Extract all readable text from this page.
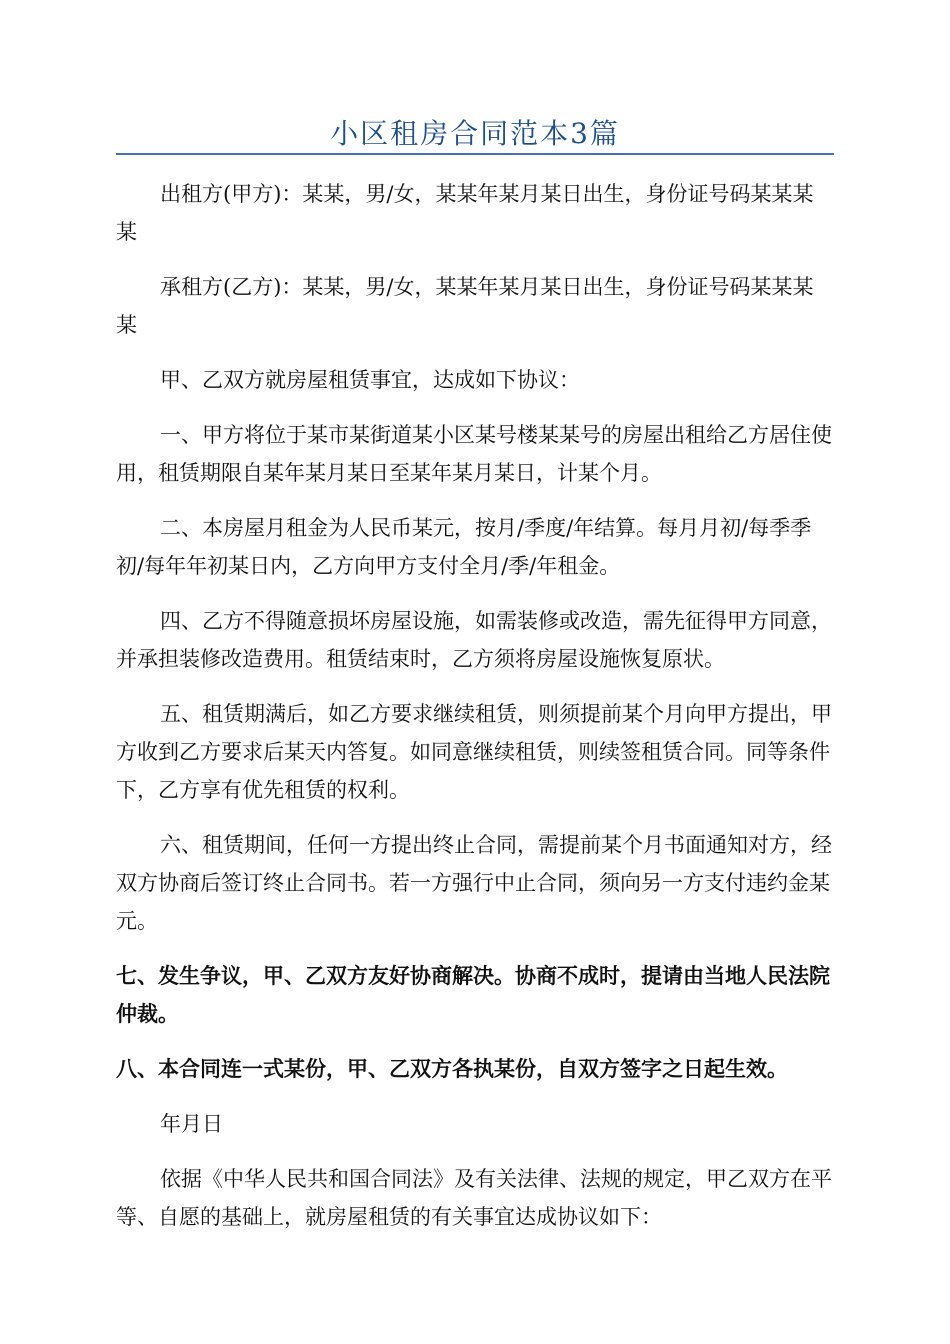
小区租房合同范本3篇

出租方(甲方)：某某，男/女，某某年某月某日出生，身份证号码某某某某

承租方(乙方)：某某，男/女，某某年某月某日出生，身份证号码某某某某

甲、乙双方就房屋租赁事宜，达成如下协议：

一、甲方将位于某市某街道某小区某号楼某某号的房屋出租给乙方居住使用，租赁期限自某年某月某日至某年某月某日，计某个月。

二、本房屋月租金为人民币某元，按月/季度/年结算。每月月初/每季季初/每年年初某日内，乙方向甲方支付全月/季/年租金。

四、乙方不得随意损坏房屋设施，如需装修或改造，需先征得甲方同意，并承担装修改造费用。租赁结束时，乙方须将房屋设施恢复原状。

五、租赁期满后，如乙方要求继续租赁，则须提前某个月向甲方提出，甲方收到乙方要求后某天内答复。如同意继续租赁，则续签租赁合同。同等条件下，乙方享有优先租赁的权利。

六、租赁期间，任何一方提出终止合同，需提前某个月书面通知对方，经双方协商后签订终止合同书。若一方强行中止合同，须向另一方支付违约金某元。

七、发生争议，甲、乙双方友好协商解决。协商不成时，提请由当地人民法院仲裁。

八、本合同连一式某份，甲、乙双方各执某份，自双方签字之日起生效。

年月日

依据《中华人民共和国合同法》及有关法律、法规的规定，甲乙双方在平等、自愿的基础上，就房屋租赁的有关事宜达成协议如下：
